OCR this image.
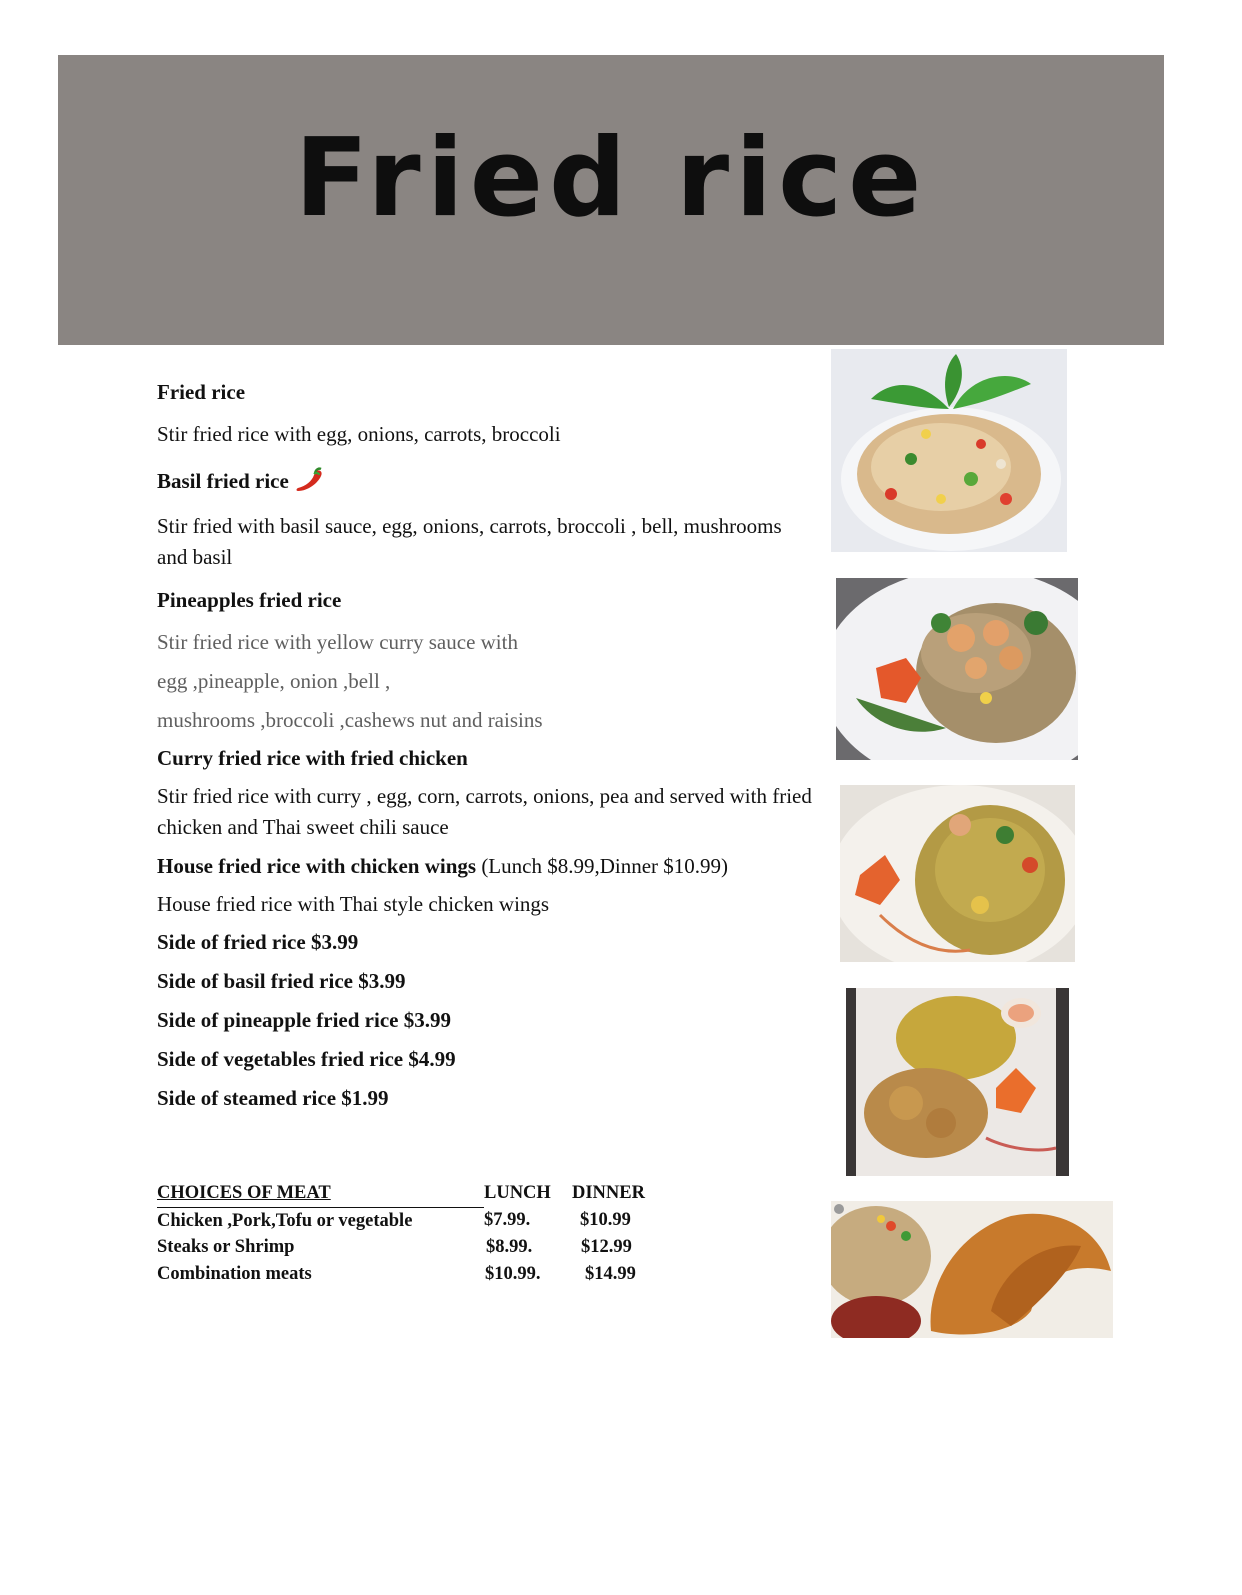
Fried rice

Fried rice

Stir fried rice with egg, onions, carrots, broccoli

Basil fried rice

Stir fried with basil sauce, egg, onions, carrots, broccoli , bell, mushrooms and basil

Pineapples fried rice

Stir fried rice with yellow curry sauce with

egg ,pineapple, onion ,bell ,

mushrooms ,broccoli ,cashews nut and raisins

Curry fried rice with fried chicken

Stir fried rice with curry , egg, corn, carrots, onions, pea and served with fried chicken and Thai sweet chili sauce

House fried rice with chicken wings (Lunch $8.99,Dinner $10.99)

House fried rice with Thai style chicken wings

Side of fried rice $3.99

Side of basil fried rice $3.99

Side of pineapple fried rice $3.99

Side of vegetables fried rice $4.99

Side of steamed rice $1.99

CHOICES OF MEAT	LUNCH	DINNER
Chicken ,Pork,Tofu or vegetable	$7.99.	$10.99
Steaks or Shrimp	$8.99.	$12.99
Combination meats	$10.99.	$14.99
